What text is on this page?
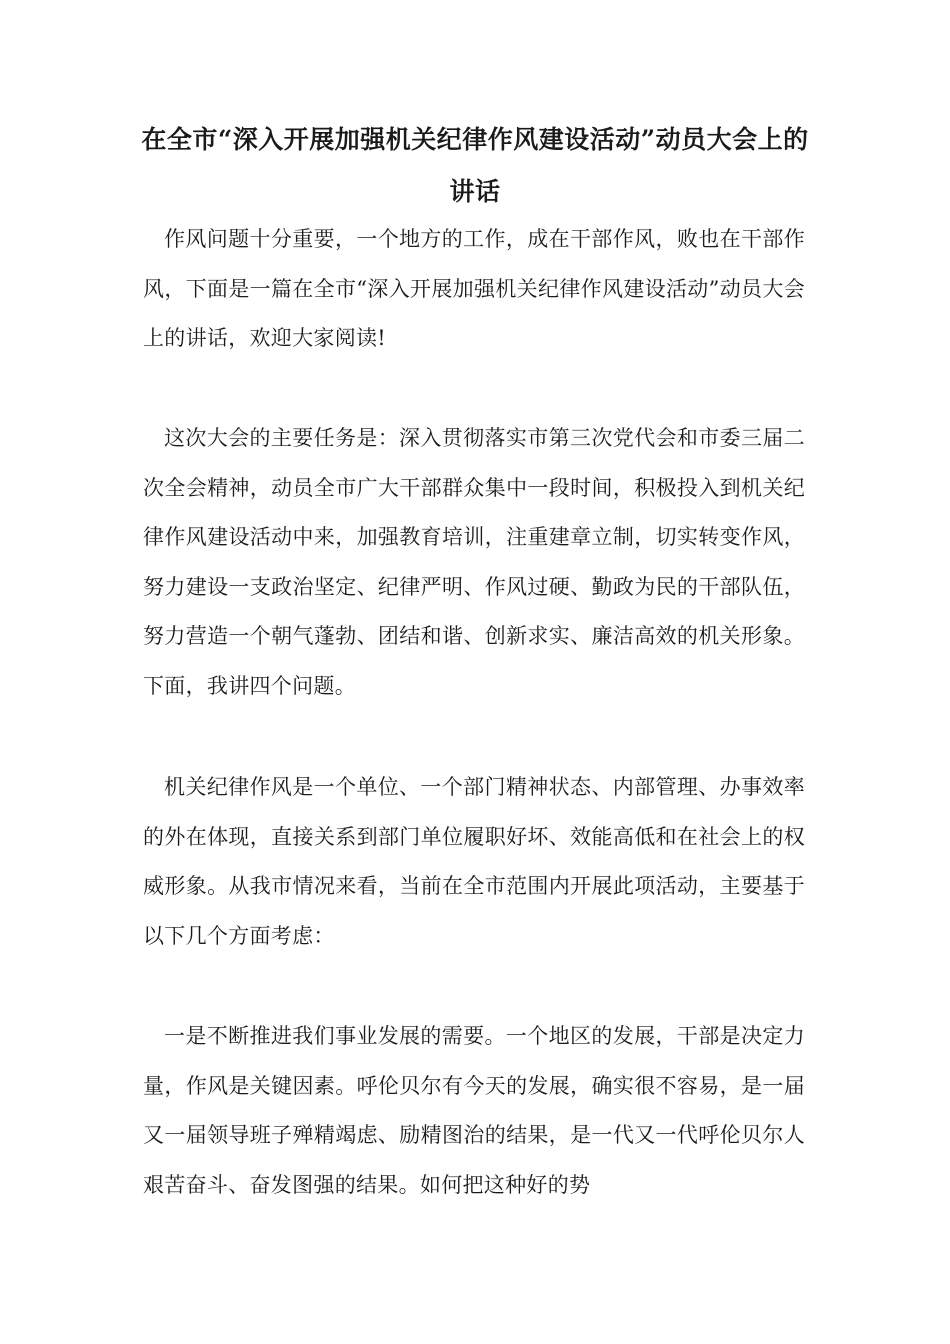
在全市“深入开展加强机关纪律作风建设活动”动员大会上的讲话

作风问题十分重要，一个地方的工作，成在干部作风，败也在干部作风，下面是一篇在全市“深入开展加强机关纪律作风建设活动”动员大会上的讲话，欢迎大家阅读!

这次大会的主要任务是：深入贯彻落实市第三次党代会和市委三届二次全会精神，动员全市广大干部群众集中一段时间，积极投入到机关纪律作风建设活动中来，加强教育培训，注重建章立制，切实转变作风，努力建设一支政治坚定、纪律严明、作风过硬、勤政为民的干部队伍，努力营造一个朝气蓬勃、团结和谐、创新求实、廉洁高效的机关形象。下面，我讲四个问题。

机关纪律作风是一个单位、一个部门精神状态、内部管理、办事效率的外在体现，直接关系到部门单位履职好坏、效能高低和在社会上的权威形象。从我市情况来看，当前在全市范围内开展此项活动，主要基于以下几个方面考虑：

一是不断推进我们事业发展的需要。一个地区的发展，干部是决定力量，作风是关键因素。呼伦贝尔有今天的发展，确实很不容易，是一届又一届领导班子殚精竭虑、励精图治的结果，是一代又一代呼伦贝尔人艰苦奋斗、奋发图强的结果。如何把这种好的势
